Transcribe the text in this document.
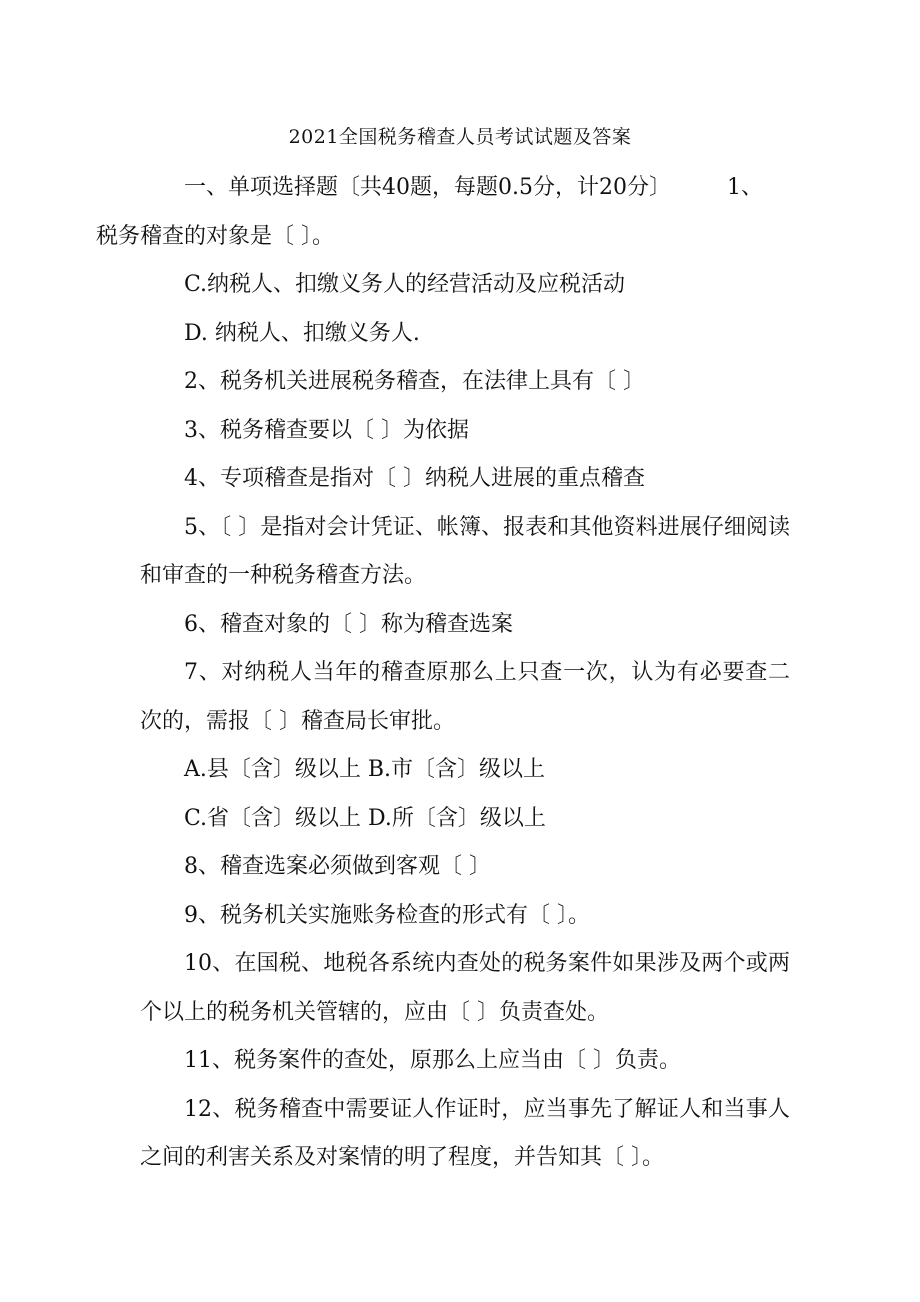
2021全国税务稽查人员考试试题及答案

一、单项选择题〔共40题，每题0.5分，计20分〕	1、
税务稽查的对象是〔 〕。

C.纳税人、扣缴义务人的经营活动及应税活动

D. 纳税人、扣缴义务人.

2、税务机关进展税务稽查，在法律上具有〔 〕

3、税务稽查要以〔 〕为依据

4、专项稽查是指对〔 〕纳税人进展的重点稽查

5、〔 〕是指对会计凭证、帐簿、报表和其他资料进展仔细阅读和审查的一种税务稽查方法。

6、稽查对象的〔 〕称为稽查选案

7、对纳税人当年的稽查原那么上只查一次，认为有必要查二次的，需报〔 〕稽查局长审批。

A.县〔含〕级以上 B.市〔含〕级以上

C.省〔含〕级以上 D.所〔含〕级以上

8、稽查选案必须做到客观〔 〕

9、税务机关实施账务检查的形式有〔 〕。

10、在国税、地税各系统内查处的税务案件如果涉及两个或两个以上的税务机关管辖的，应由〔 〕负责查处。

11、税务案件的查处，原那么上应当由〔 〕负责。

12、税务稽查中需要证人作证时，应当事先了解证人和当事人之间的利害关系及对案情的明了程度，并告知其〔 〕。
